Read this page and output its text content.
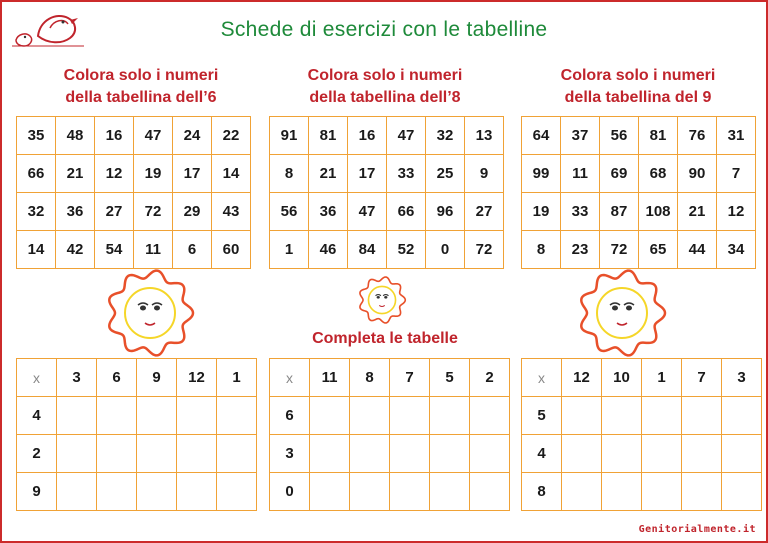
Schede di esercizi con le tabelline
Colora solo i numeri
della tabellina dell’6
Colora solo i numeri
della tabellina dell’8
Colora solo i numeri
della tabellina del 9
35	48	16	47	24	22
66	21	12	19	17	14
32	36	27	72	29	43
14	42	54	11	6	60
91	81	16	47	32	13
8	21	17	33	25	9
56	36	47	66	96	27
1	46	84	52	0	72
64	37	56	81	76	31
99	11	69	68	90	7
19	33	87	108	21	12
8	23	72	65	44	34
Completa le tabelle
x	3	6	9	12	1
4					
2					
9					
x	11	8	7	5	2
6					
3					
0					
x	12	10	1	7	3
5					
4					
8					
Genitorialmente.it
